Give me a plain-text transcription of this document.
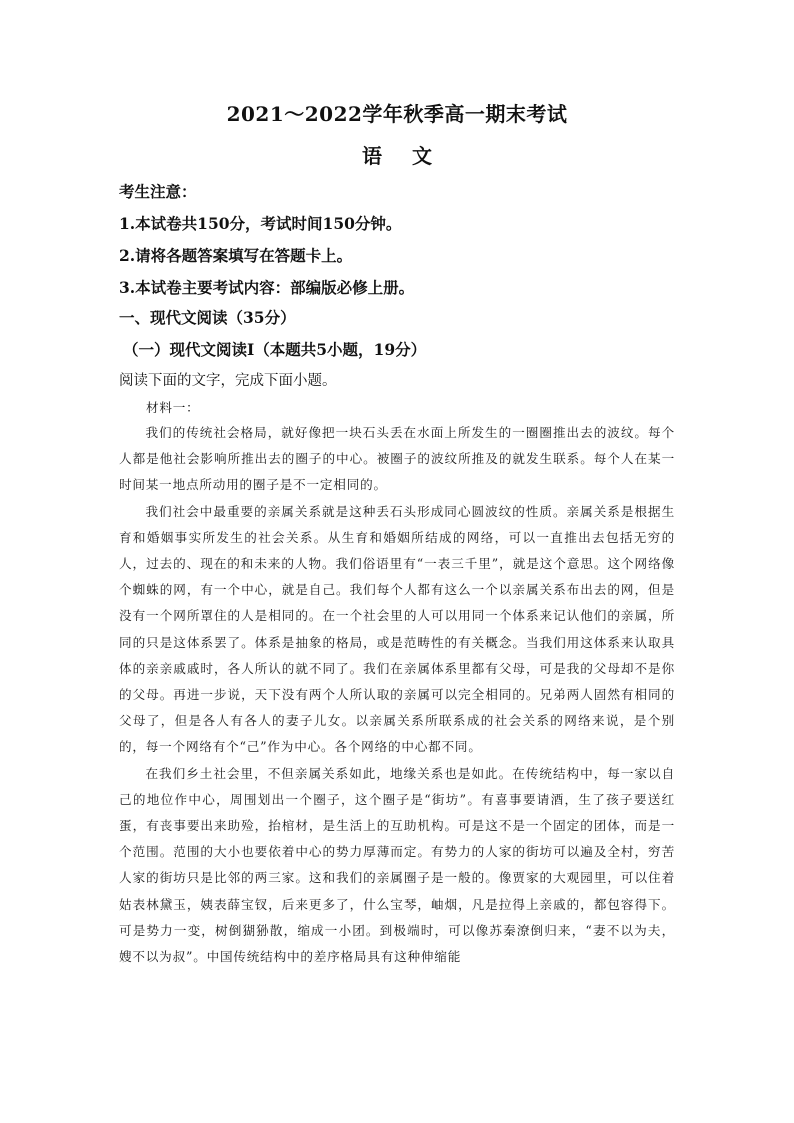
2021～2022学年秋季高一期末考试
语文
考生注意：
1.本试卷共150分，考试时间150分钟。
2.请将各题答案填写在答题卡上。
3.本试卷主要考试内容：部编版必修上册。
一、现代文阅读（35分）
（一）现代文阅读Ⅰ（本题共5小题，19分）
阅读下面的文字，完成下面小题。
材料一：

我们的传统社会格局，就好像把一块石头丢在水面上所发生的一圈圈推出去的波纹。每个人都是他社会影响所推出去的圈子的中心。被圈子的波纹所推及的就发生联系。每个人在某一时间某一地点所动用的圈子是不一定相同的。

我们社会中最重要的亲属关系就是这种丢石头形成同心圆波纹的性质。亲属关系是根据生育和婚姻事实所发生的社会关系。从生育和婚姻所结成的网络，可以一直推出去包括无穷的人，过去的、现在的和未来的人物。我们俗语里有“一表三千里”，就是这个意思。这个网络像个蜘蛛的网，有一个中心，就是自己。我们每个人都有这么一个以亲属关系布出去的网，但是没有一个网所罩住的人是相同的。在一个社会里的人可以用同一个体系来记认他们的亲属，所同的只是这体系罢了。体系是抽象的格局，或是范畴性的有关概念。当我们用这体系来认取具体的亲亲戚戚时，各人所认的就不同了。我们在亲属体系里都有父母，可是我的父母却不是你的父母。再进一步说，天下没有两个人所认取的亲属可以完全相同的。兄弟两人固然有相同的父母了，但是各人有各人的妻子儿女。以亲属关系所联系成的社会关系的网络来说，是个别的，每一个网络有个“己”作为中心。各个网络的中心都不同。

在我们乡土社会里，不但亲属关系如此，地缘关系也是如此。在传统结构中，每一家以自己的地位作中心，周围划出一个圈子，这个圈子是“街坊”。有喜事要请酒，生了孩子要送红蛋，有丧事要出来助殓，抬棺材，是生活上的互助机构。可是这不是一个固定的团体，而是一个范围。范围的大小也要依着中心的势力厚薄而定。有势力的人家的街坊可以遍及全村，穷苦人家的街坊只是比邻的两三家。这和我们的亲属圈子是一般的。像贾家的大观园里，可以住着姑表林黛玉，姨表薛宝钗，后来更多了，什么宝琴，岫烟，凡是拉得上亲戚的，都包容得下。可是势力一变，树倒猢狲散，缩成一小团。到极端时，可以像苏秦潦倒归来，“妻不以为夫，嫂不以为叔”。中国传统结构中的差序格局具有这种伸缩能
